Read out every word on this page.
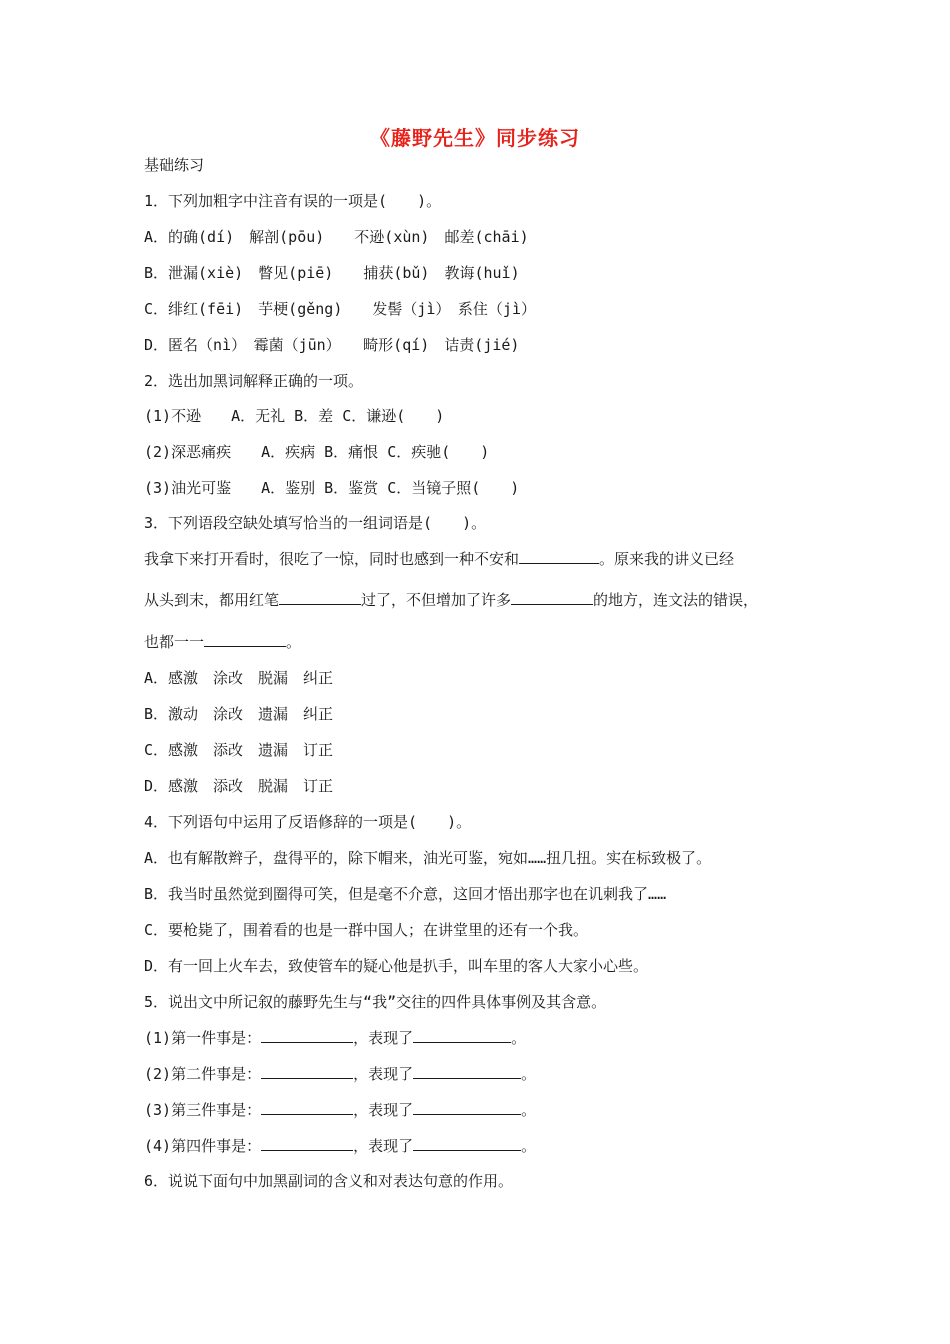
《藤野先生》同步练习
基础练习
1．下列加粗字中注音有误的一项是(　　)。
A．的确(dí)　解剖(pōu)　　不逊(xùn)　邮差(chāi)
B．泄漏(xiè)　瞥见(piē)　　捕获(bǔ)　教诲(huǐ)
C．绯红(fēi)　芋梗(gěng)　　发髻（jì）　系住（jì）
D．匿名（nì）　霉菌（jūn）　　畸形(qí)　诘责(jié)
2．选出加黑词解释正确的一项。
(1)不逊　　A．无礼 B．差 C．谦逊(　　)
(2)深恶痛疾　　A．疾病 B．痛恨 C．疾驰(　　)
(3)油光可鉴　　A．鉴别 B．鉴赏 C．当镜子照(　　)
3．下列语段空缺处填写恰当的一组词语是(　　)。
我拿下来打开看时，很吃了一惊，同时也感到一种不安和	。原来我的讲义已经
从头到末，都用红笔	过了，不但增加了许多	的地方，连文法的错误，
也都一一	。
A．感激　涂改　脱漏　纠正
B．激动　涂改　遗漏　纠正
C．感激　添改　遗漏　订正
D．感激　添改　脱漏　订正
4．下列语句中运用了反语修辞的一项是(　　)。
A．也有解散辫子，盘得平的，除下帽来，油光可鉴，宛如……扭几扭。实在标致极了。
B．我当时虽然觉到圈得可笑，但是毫不介意，这回才悟出那字也在讥刺我了……
C．要枪毙了，围着看的也是一群中国人；在讲堂里的还有一个我。
D．有一回上火车去，致使管车的疑心他是扒手，叫车里的客人大家小心些。
5．说出文中所记叙的藤野先生与“我”交往的四件具体事例及其含意。
(1)第一件事是：	，表现了	。
(2)第二件事是：	，表现了	。
(3)第三件事是：	，表现了	。
(4)第四件事是：	，表现了	。
6．说说下面句中加黑副词的含义和对表达句意的作用。
